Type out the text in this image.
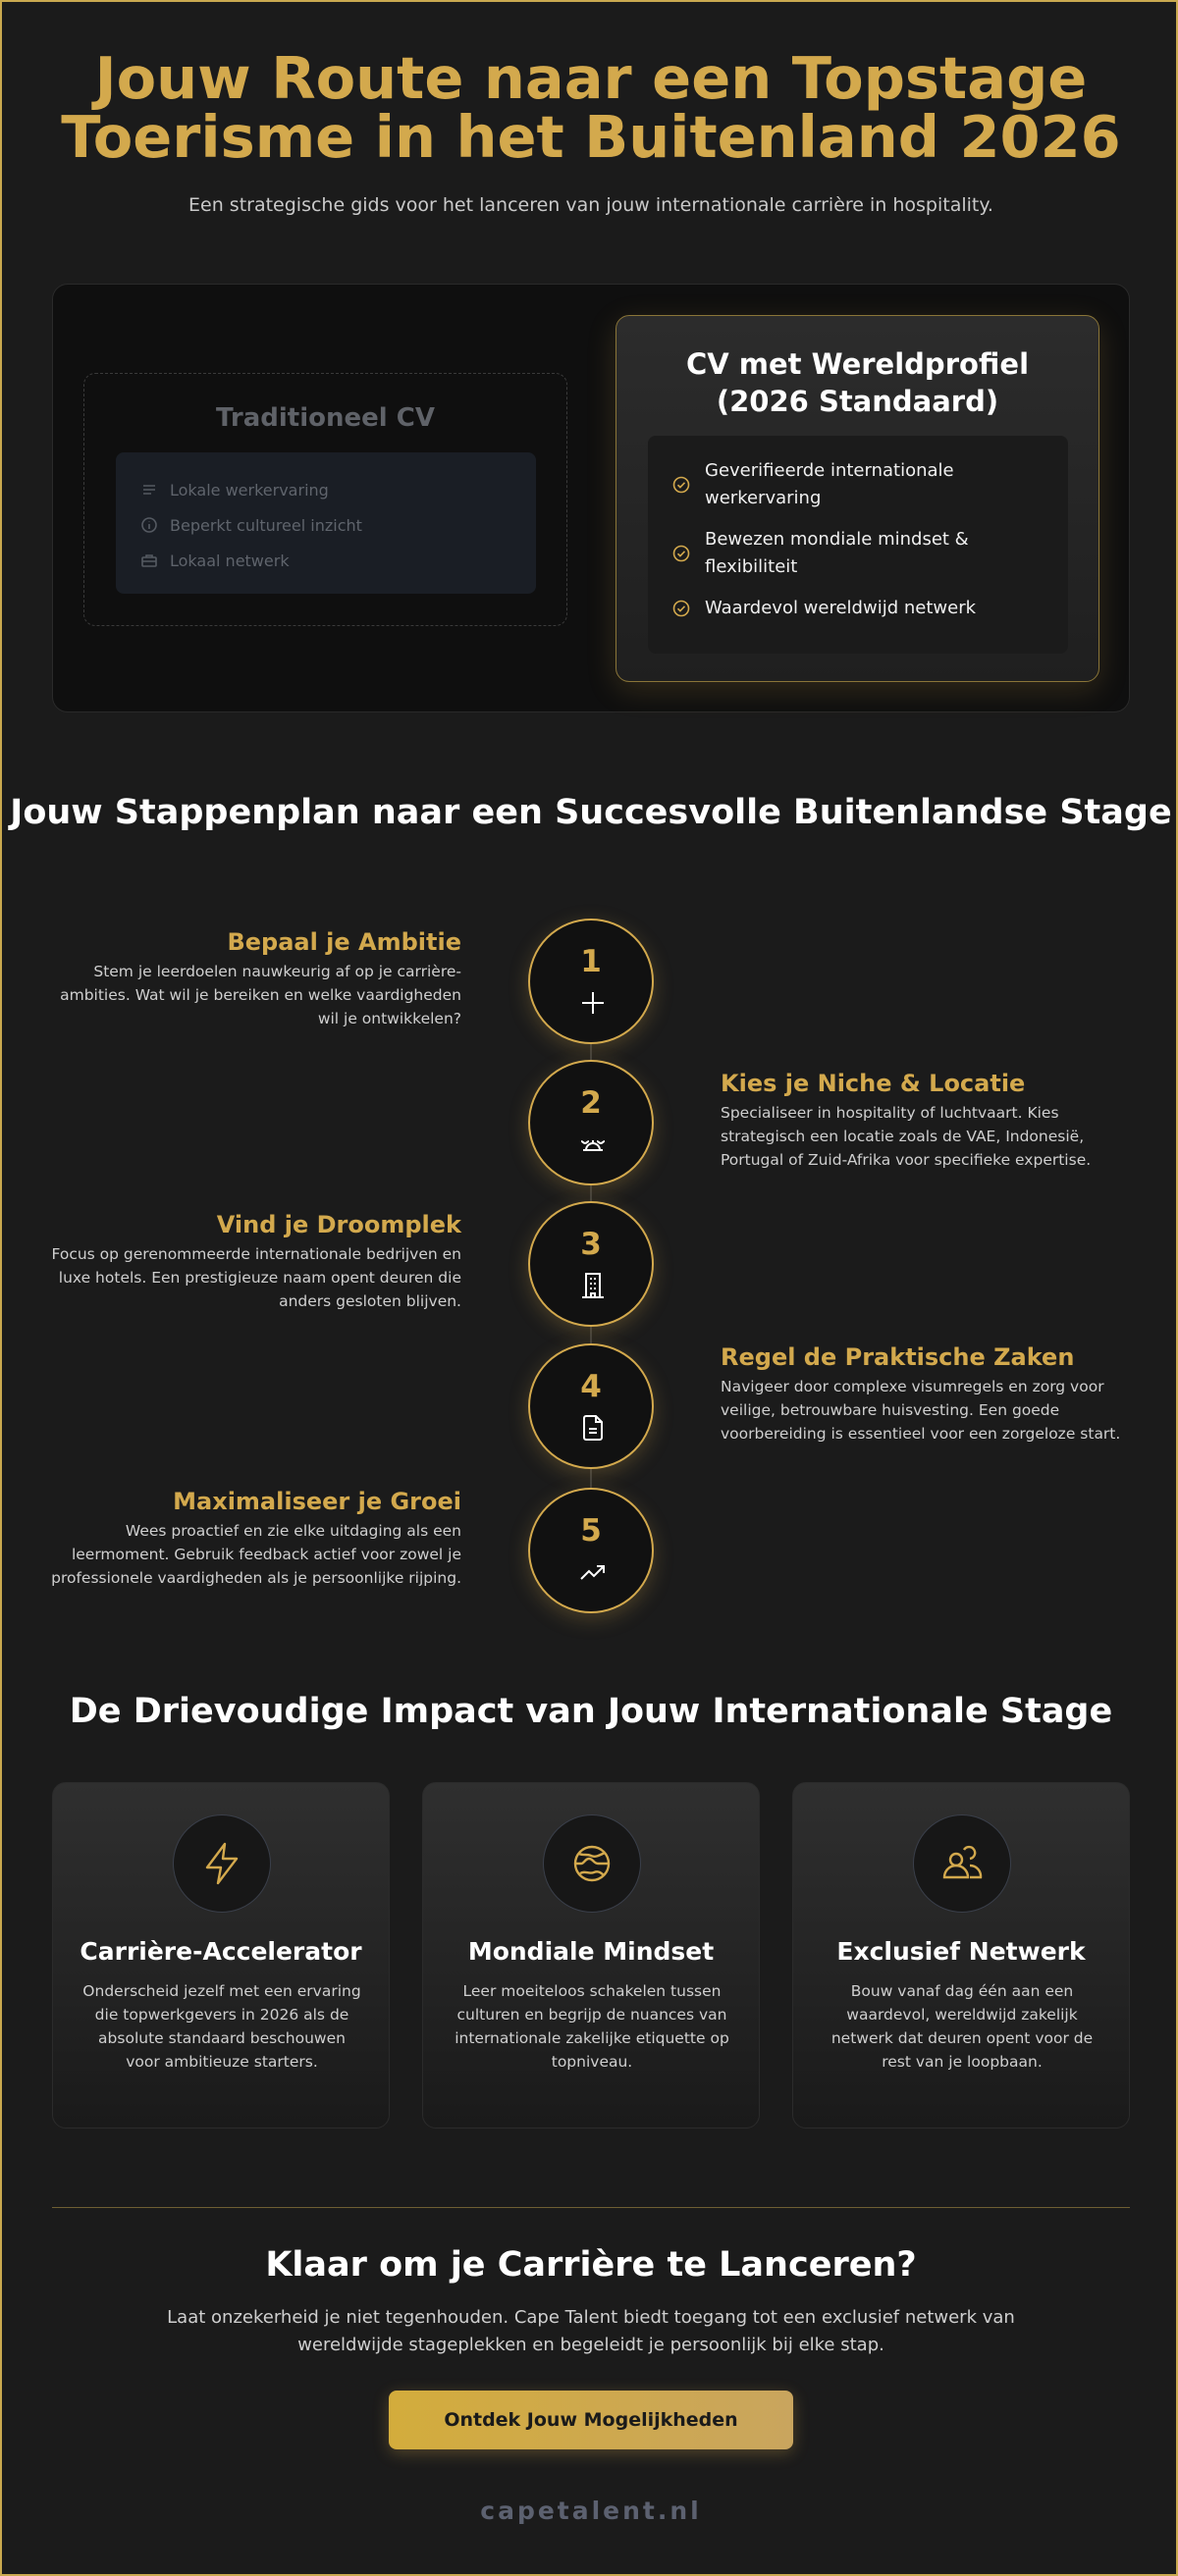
Jouw Route naar een Topstage
Toerisme in het Buitenland 2026

Een strategische gids voor het lanceren van jouw internationale carrière in hospitality.

Traditioneel CV
Lokale werkervaring
Beperkt cultureel inzicht
Lokaal netwerk
CV met Wereldprofiel
(2026 Standaard)
Geverifieerde internationale werkervaring
Bewezen mondiale mindset & flexibiliteit
Waardevol wereldwijd netwerk
Jouw Stappenplan naar een Succesvolle Buitenlandse Stage
1
Bepaal je Ambitie
Stem je leerdoelen nauwkeurig af op je carrière-ambities. Wat wil je bereiken en welke vaardigheden wil je ontwikkelen?
2
Kies je Niche & Locatie
Specialiseer in hospitality of luchtvaart. Kies strategisch een locatie zoals de VAE, Indonesië, Portugal of Zuid-Afrika voor specifieke expertise.
3
Vind je Droomplek
Focus op gerenommeerde internationale bedrijven en luxe hotels. Een prestigieuze naam opent deuren die anders gesloten blijven.
4
Regel de Praktische Zaken
Navigeer door complexe visumregels en zorg voor veilige, betrouwbare huisvesting. Een goede voorbereiding is essentieel voor een zorgeloze start.
5
Maximaliseer je Groei
Wees proactief en zie elke uitdaging als een leermoment. Gebruik feedback actief voor zowel je professionele vaardigheden als je persoonlijke rijping.
De Drievoudige Impact van Jouw Internationale Stage
Carrière-Accelerator
Onderscheid jezelf met een ervaring die topwerkgevers in 2026 als de absolute standaard beschouwen voor ambitieuze starters.
Mondiale Mindset
Leer moeiteloos schakelen tussen culturen en begrijp de nuances van internationale zakelijke etiquette op topniveau.
Exclusief Netwerk
Bouw vanaf dag één aan een waardevol, wereldwijd zakelijk netwerk dat deuren opent voor de rest van je loopbaan.
Klaar om je Carrière te Lanceren?

Laat onzekerheid je niet tegenhouden. Cape Talent biedt toegang tot een exclusief netwerk van wereldwijde stageplekken en begeleidt je persoonlijk bij elke stap.

Ontdek Jouw Mogelijkheden
capetalent.nl
